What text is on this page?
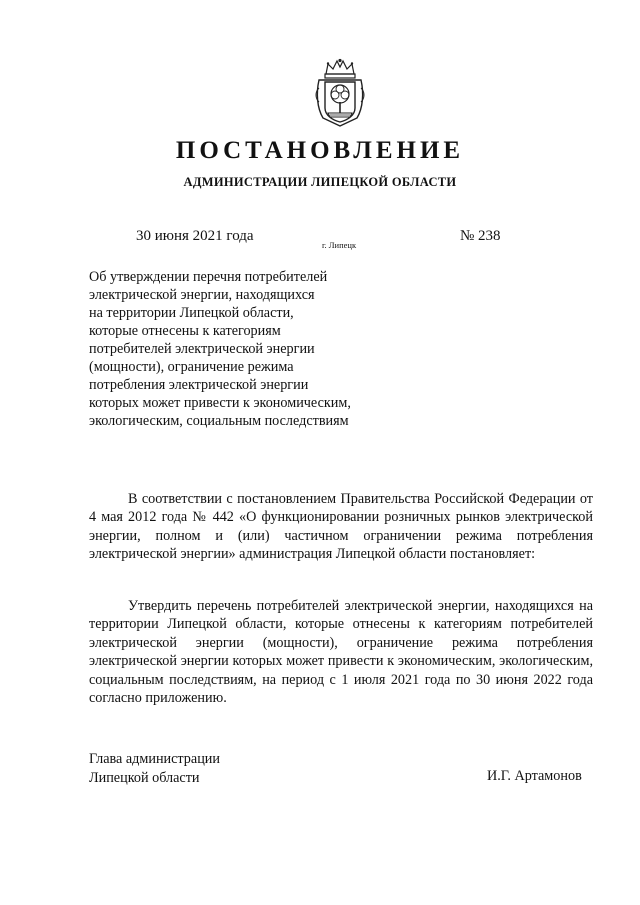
ПОСТАНОВЛЕНИЕ
АДМИНИСТРАЦИИ ЛИПЕЦКОЙ ОБЛАСТИ
30 июня 2021 года
г. Липецк
№ 238
Об утверждении перечня потребителей
электрической энергии, находящихся
на территории Липецкой области,
которые отнесены к категориям
потребителей электрической энергии
(мощности), ограничение режима
потребления электрической энергии
которых может привести к экономическим,
экологическим, социальным последствиям
В соответствии с постановлением Правительства Российской Федерации от 4 мая 2012 года № 442 «О функционировании розничных рынков электрической энергии, полном и (или) частичном ограничении режима потребления электрической энергии» администрация Липецкой области постановляет:
Утвердить перечень потребителей электрической энергии, находящихся на территории Липецкой области, которые отнесены к категориям потребителей электрической энергии (мощности), ограничение режима потребления электрической энергии которых может привести к экономическим, экологическим, социальным последствиям, на период с 1 июля 2021 года по 30 июня 2022 года согласно приложению.
Глава администрации
Липецкой области	И.Г. Артамонов
